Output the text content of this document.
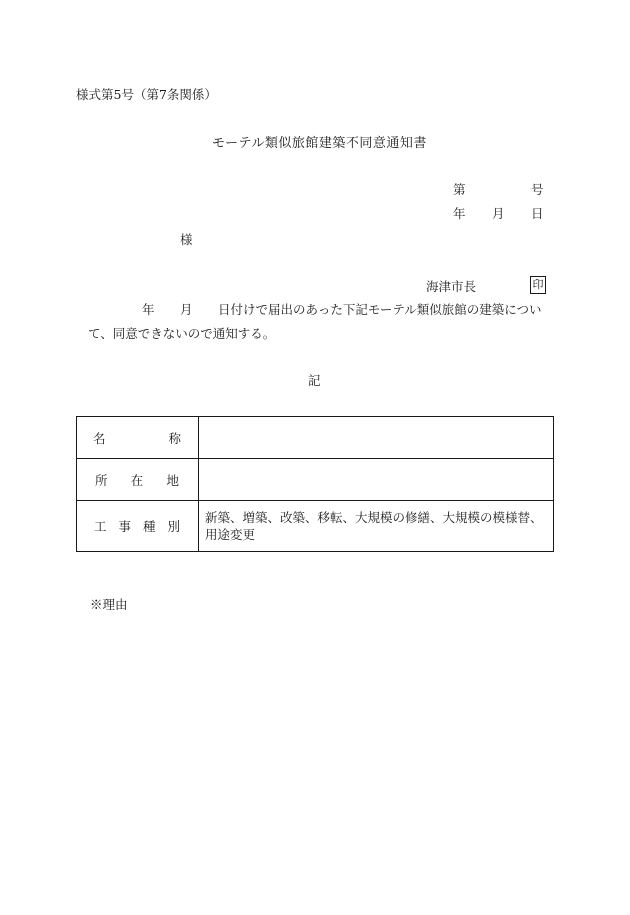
様式第5号（第7条関係）
モーテル類似旅館建築不同意通知書
第	号
年 月 日
様
海津市長	印
年 月 日付けで届出のあった下記モーテル類似旅館の建築につい
て、同意できないので通知する。
記
名 称	

所 在 地	

工 事 種 別	新築、増築、改築、移転、大規模の修繕、大規模の模様替、用途変更
※理由
